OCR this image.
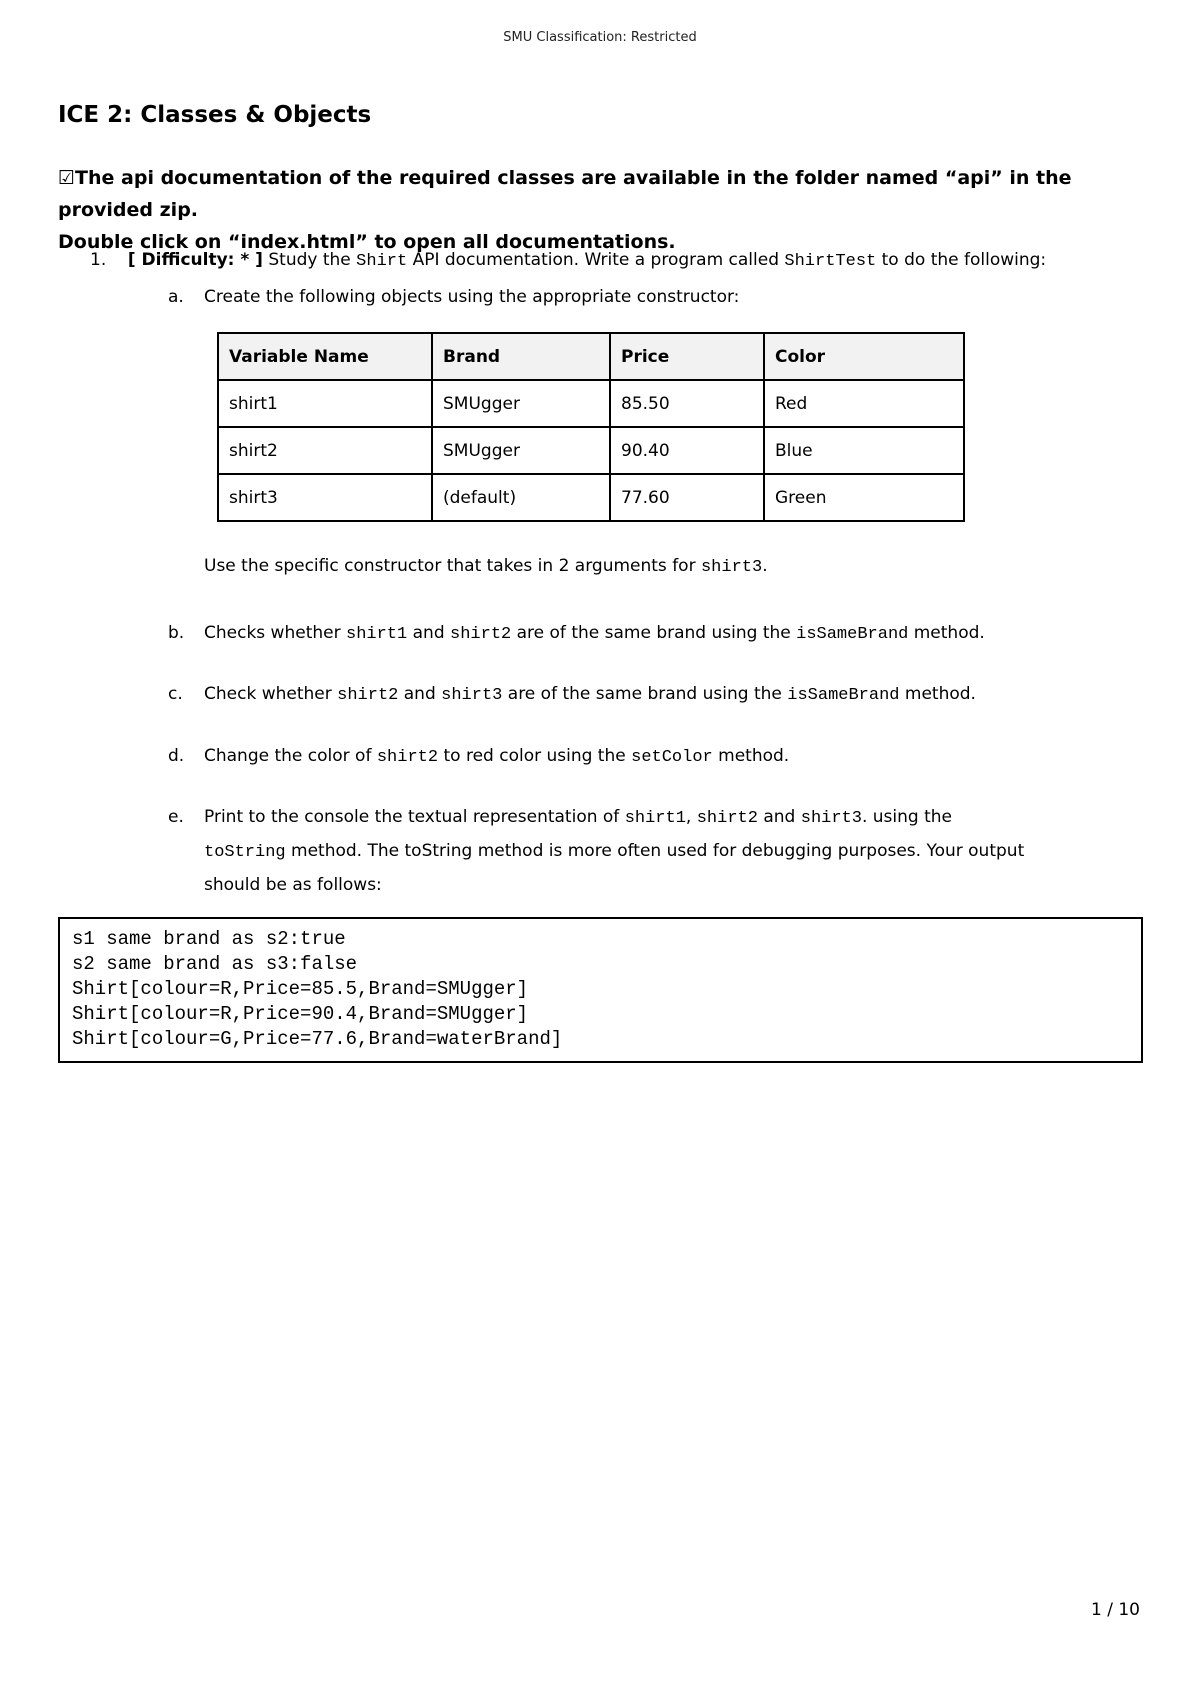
SMU Classification: Restricted
ICE 2: Classes & Objects
☑The api documentation of the required classes are available in the folder named “api” in the provided zip.
Double click on “index.html” to open all documentations.
1. [ Difficulty: * ] Study the Shirt API documentation. Write a program called ShirtTest to do the following:
a. Create the following objects using the appropriate constructor:
Variable Name	Brand	Price	Color
shirt1	SMUgger	85.50	Red
shirt2	SMUgger	90.40	Blue
shirt3	(default)	77.60	Green
Use the specific constructor that takes in 2 arguments for shirt3.
b. Checks whether shirt1 and shirt2 are of the same brand using the isSameBrand method.
c. Check whether shirt2 and shirt3 are of the same brand using the isSameBrand method.
d. Change the color of shirt2 to red color using the setColor method.
e. Print to the console the textual representation of shirt1, shirt2 and shirt3. using the
toString method. The toString method is more often used for debugging purposes. Your output
should be as follows:
s1 same brand as s2:true
s2 same brand as s3:false
Shirt[colour=R,Price=85.5,Brand=SMUgger]
Shirt[colour=R,Price=90.4,Brand=SMUgger]
Shirt[colour=G,Price=77.6,Brand=waterBrand]
1 / 10
